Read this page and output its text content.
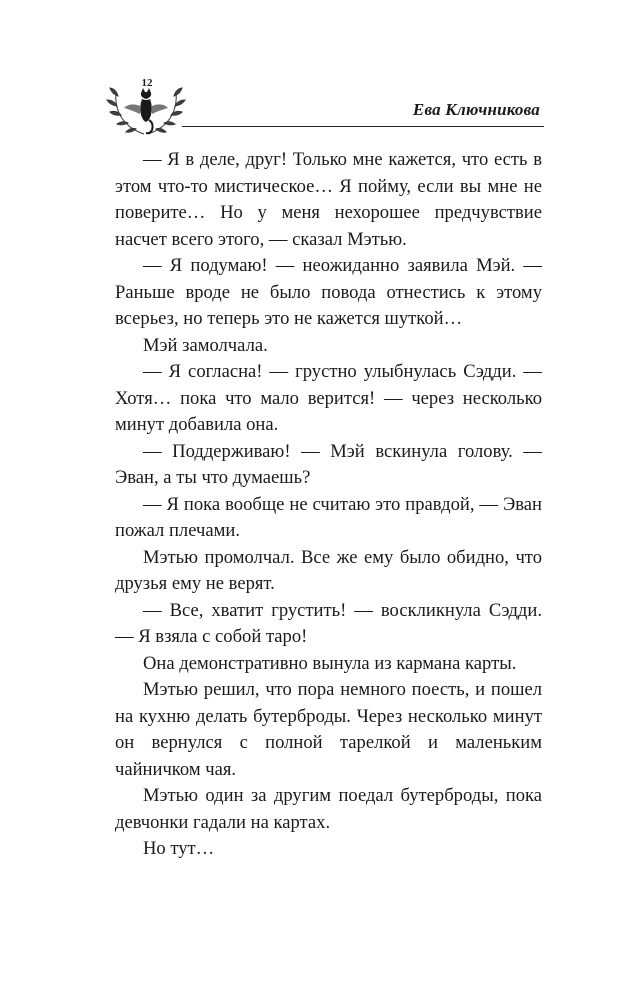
12
Ева Ключникова

— Я в деле, друг! Только мне кажется, что есть в этом что-то мистическое… Я пойму, если вы мне не поверите… Но у меня нехорошее предчувствие насчет всего этого, — сказал Мэтью.

— Я подумаю! — неожиданно заявила Мэй. — Раньше вроде не было повода отнестись к этому всерьез, но теперь это не кажется шуткой…

Мэй замолчала.

— Я согласна! — грустно улыбнулась Сэдди. — Хотя… пока что мало верится! — через несколько минут добавила она.

— Поддерживаю! — Мэй вскинула голову. — Эван, а ты что думаешь?

— Я пока вообще не считаю это правдой, — Эван пожал плечами.

Мэтью промолчал. Все же ему было обидно, что друзья ему не верят.

— Все, хватит грустить! — воскликнула Сэдди. — Я взяла с собой таро!

Она демонстративно вынула из кармана карты.

Мэтью решил, что пора немного поесть, и пошел на кухню делать бутерброды. Через несколько минут он вернулся с полной тарелкой и маленьким чайничком чая.

Мэтью один за другим поедал бутерброды, пока девчонки гадали на картах.

Но тут…
